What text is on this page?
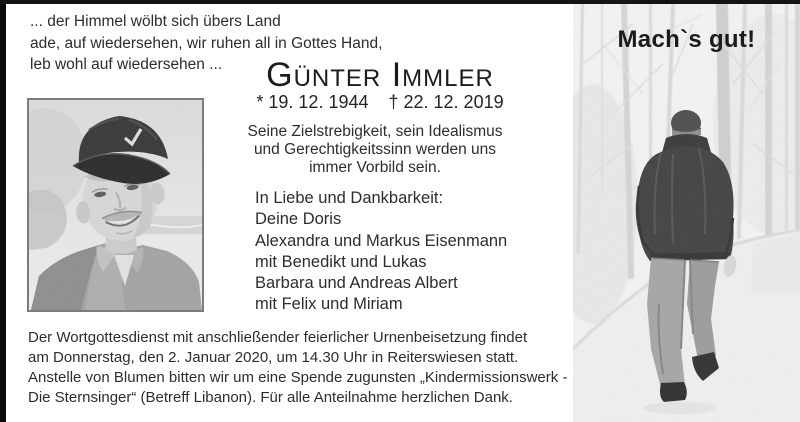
... der Himmel wölbt sich übers Land
ade, auf wiedersehen, wir ruhen all in Gottes Hand,
leb wohl auf wiedersehen ...	Günter Immler
* 19. 12. 1944 † 22. 12. 2019
Seine Zielstrebigkeit, sein Idealismus
und Gerechtigkeitssinn werden uns
immer Vorbild sein.
In Liebe und Dankbarkeit:
Deine Doris
Alexandra und Markus Eisenmann
mit Benedikt und Lukas
Barbara und Andreas Albert
mit Felix und Miriam
Der Wortgottesdienst mit anschließender feierlicher Urnenbeisetzung findet
am Donnerstag, den 2. Januar 2020, um 14.30 Uhr in Reiterswiesen statt.
Anstelle von Blumen bitten wir um eine Spende zugunsten „Kindermissionswerk -
Die Sternsinger“ (Betreff Libanon). Für alle Anteilnahme herzlichen Dank.
Mach`s gut!
